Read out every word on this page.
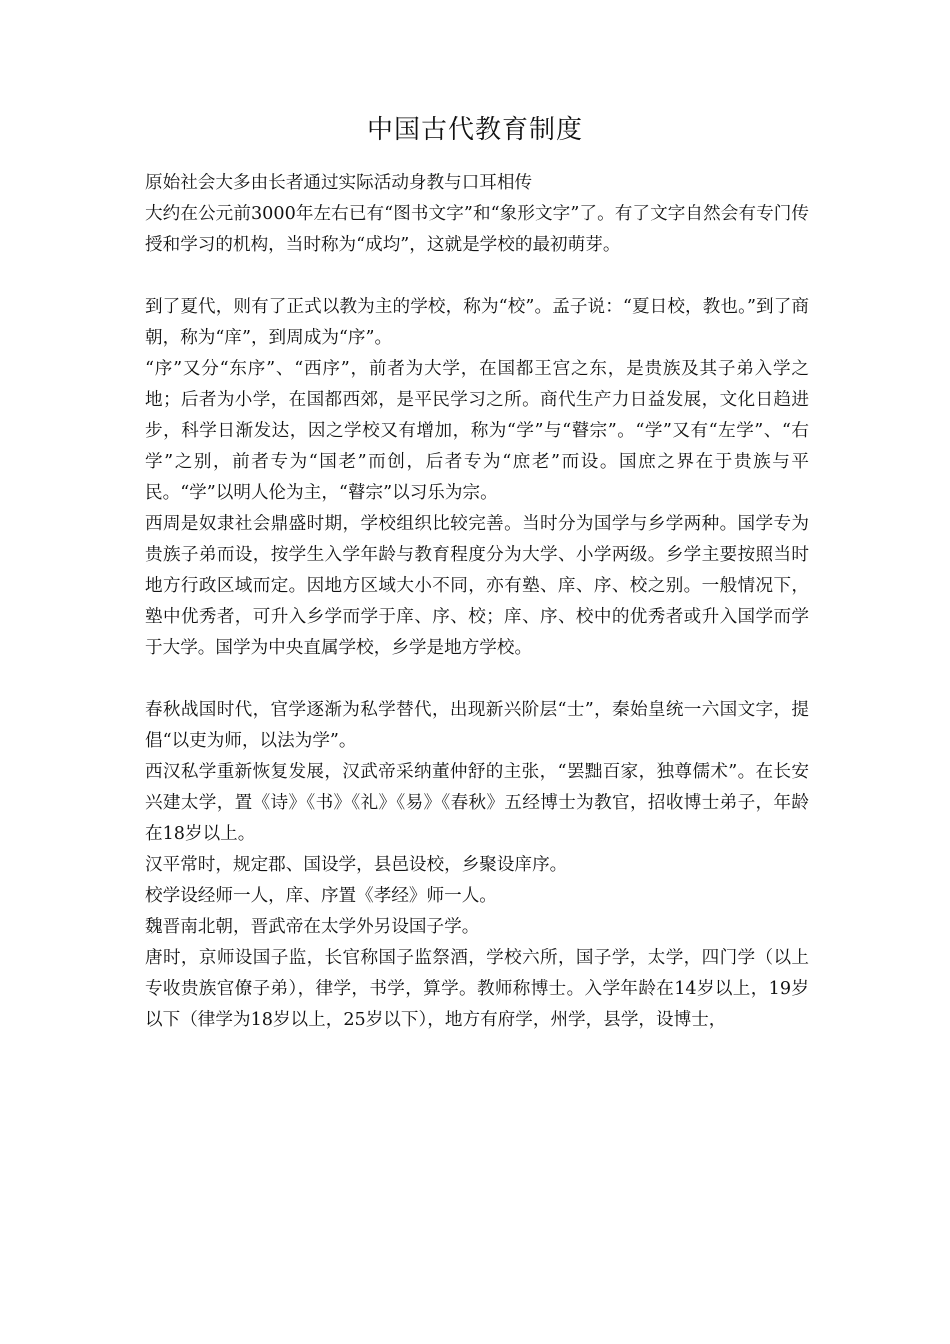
中国古代教育制度

原始社会大多由长者通过实际活动身教与口耳相传

大约在公元前3000年左右已有“图书文字”和“象形文字”了。有了文字自然会有专门传授和学习的机构，当时称为“成均”，这就是学校的最初萌芽。

到了夏代，则有了正式以教为主的学校，称为“校”。孟子说：“夏日校，教也。”到了商朝，称为“庠”，到周成为“序”。

“序”又分“东序”、“西序”，前者为大学，在国都王宫之东，是贵族及其子弟入学之地；后者为小学，在国都西郊，是平民学习之所。商代生产力日益发展，文化日趋进步，科学日渐发达，因之学校又有增加，称为“学”与“瞽宗”。“学”又有“左学”、“右学”之别，前者专为“国老”而创，后者专为“庶老”而设。国庶之界在于贵族与平民。“学”以明人伦为主，“瞽宗”以习乐为宗。

西周是奴隶社会鼎盛时期，学校组织比较完善。当时分为国学与乡学两种。国学专为贵族子弟而设，按学生入学年龄与教育程度分为大学、小学两级。乡学主要按照当时地方行政区域而定。因地方区域大小不同，亦有塾、庠、序、校之别。一般情况下，塾中优秀者，可升入乡学而学于庠、序、校；庠、序、校中的优秀者或升入国学而学于大学。国学为中央直属学校，乡学是地方学校。

春秋战国时代，官学逐渐为私学替代，出现新兴阶层“士”，秦始皇统一六国文字，提倡“以吏为师，以法为学”。

西汉私学重新恢复发展，汉武帝采纳董仲舒的主张，“罢黜百家，独尊儒术”。在长安兴建太学，置《诗》《书》《礼》《易》《春秋》五经博士为教官，招收博士弟子，年龄在18岁以上。

汉平常时，规定郡、国设学，县邑设校，乡聚设庠序。

校学设经师一人，庠、序置《孝经》师一人。

魏晋南北朝，晋武帝在太学外另设国子学。

唐时，京师设国子监，长官称国子监祭酒，学校六所，国子学，太学，四门学（以上专收贵族官僚子弟），律学，书学，算学。教师称博士。入学年龄在14岁以上，19岁以下（律学为18岁以上，25岁以下），地方有府学，州学，县学，设博士，
